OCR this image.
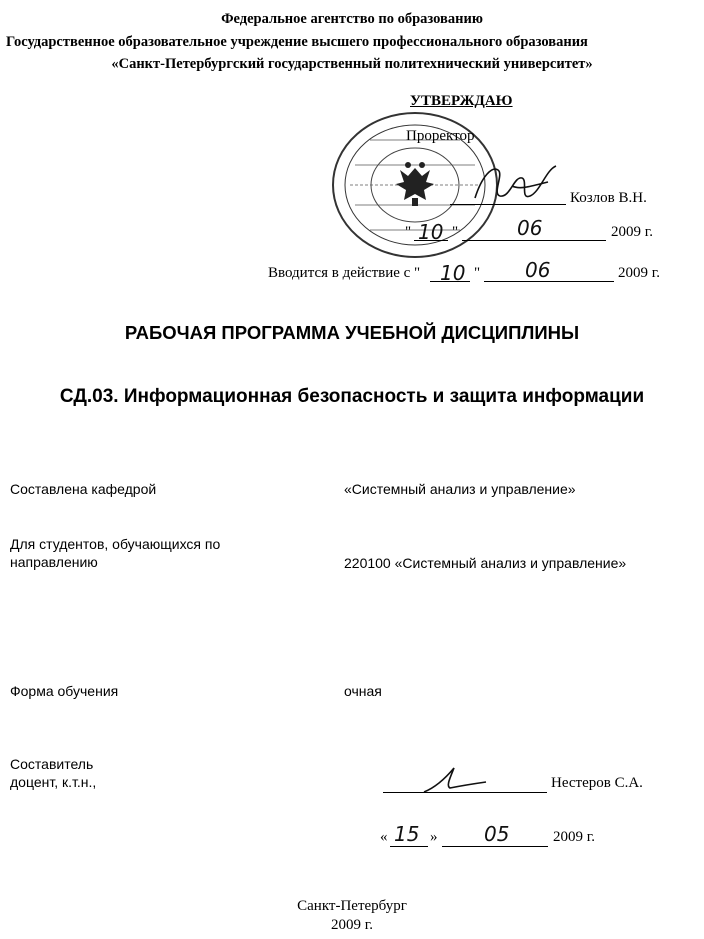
Федеральное агентство по образованию
Государственное образовательное учреждение высшего профессионального образования
«Санкт-Петербургский государственный политехнический университет»
УТВЕРЖДАЮ
Проректор
Козлов В.Н.
" 10 "	06	2009 г.
Вводится в действие с " 10 " 06	2009 г.
РАБОЧАЯ ПРОГРАММА УЧЕБНОЙ ДИСЦИПЛИНЫ
СД.03. Информационная безопасность и защита информации
Составлена кафедрой	«Системный анализ и управление»
Для студентов, обучающихся по
направлению	220100 «Системный анализ и управление»
Форма обучения	очная
Составитель
доцент, к.т.н.,	Нестеров С.А.
« 15 » 05	2009 г.
Санкт-Петербург
2009 г.
